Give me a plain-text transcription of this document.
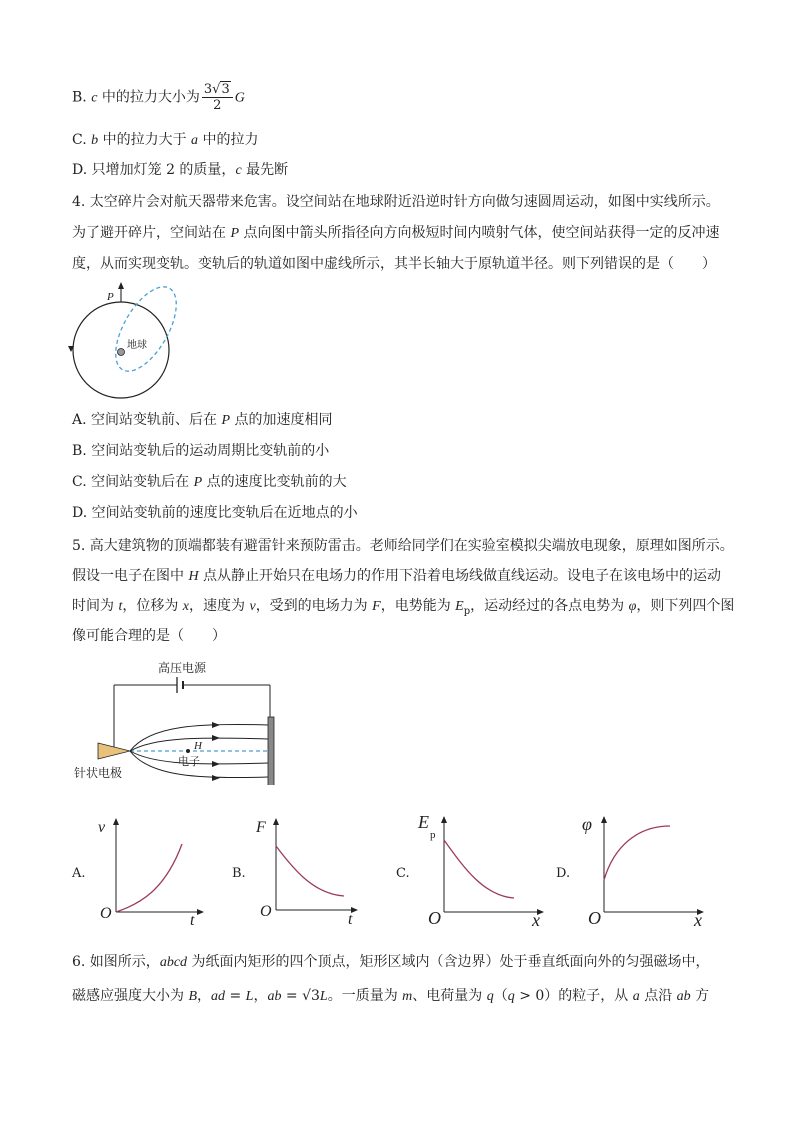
B. c 中的拉力大小为 $\frac{3√3}{2}$ G
C. b 中的拉力大于 a 中的拉力
D. 只增加灯笼 2 的质量，c 最先断
4. 太空碎片会对航天器带来危害。设空间站在地球附近沿逆时针方向做匀速圆周运动，如图中实线所示。
为了避开碎片，空间站在 P 点向图中箭头所指径向方向极短时间内喷射气体，使空间站获得一定的反冲速
度，从而实现变轨。变轨后的轨道如图中虚线所示，其半长轴大于原轨道半径。则下列错误的是（　　）
P
地球
A. 空间站变轨前、后在 P 点的加速度相同
B. 空间站变轨后的运动周期比变轨前的小
C. 空间站变轨后在 P 点的速度比变轨前的大
D. 空间站变轨前的速度比变轨后在近地点的小
5. 高大建筑物的顶端都装有避雷针来预防雷击。老师给同学们在实验室模拟尖端放电现象，原理如图所示。
假设一电子在图中 H 点从静止开始只在电场力的作用下沿着电场线做直线运动。设电子在该电场中的运动
时间为 t，位移为 x，速度为 v，受到的电场力为 F，电势能为 $E_p$，运动经过的各点电势为 φ，则下列四个图
像可能合理的是（　　）
高压电源
H
电子
针状电极
A.
v
t
O
B.
F
t
O
C.
E
p
x
O
D.
φ
x
O
6. 如图所示，abcd 为纸面内矩形的四个顶点，矩形区域内（含边界）处于垂直纸面向外的匀强磁场中，
磁感应强度大小为 B，ad = L，ab = √3L。一质量为 m、电荷量为 q（q > 0）的粒子，从 a 点沿 ab 方
